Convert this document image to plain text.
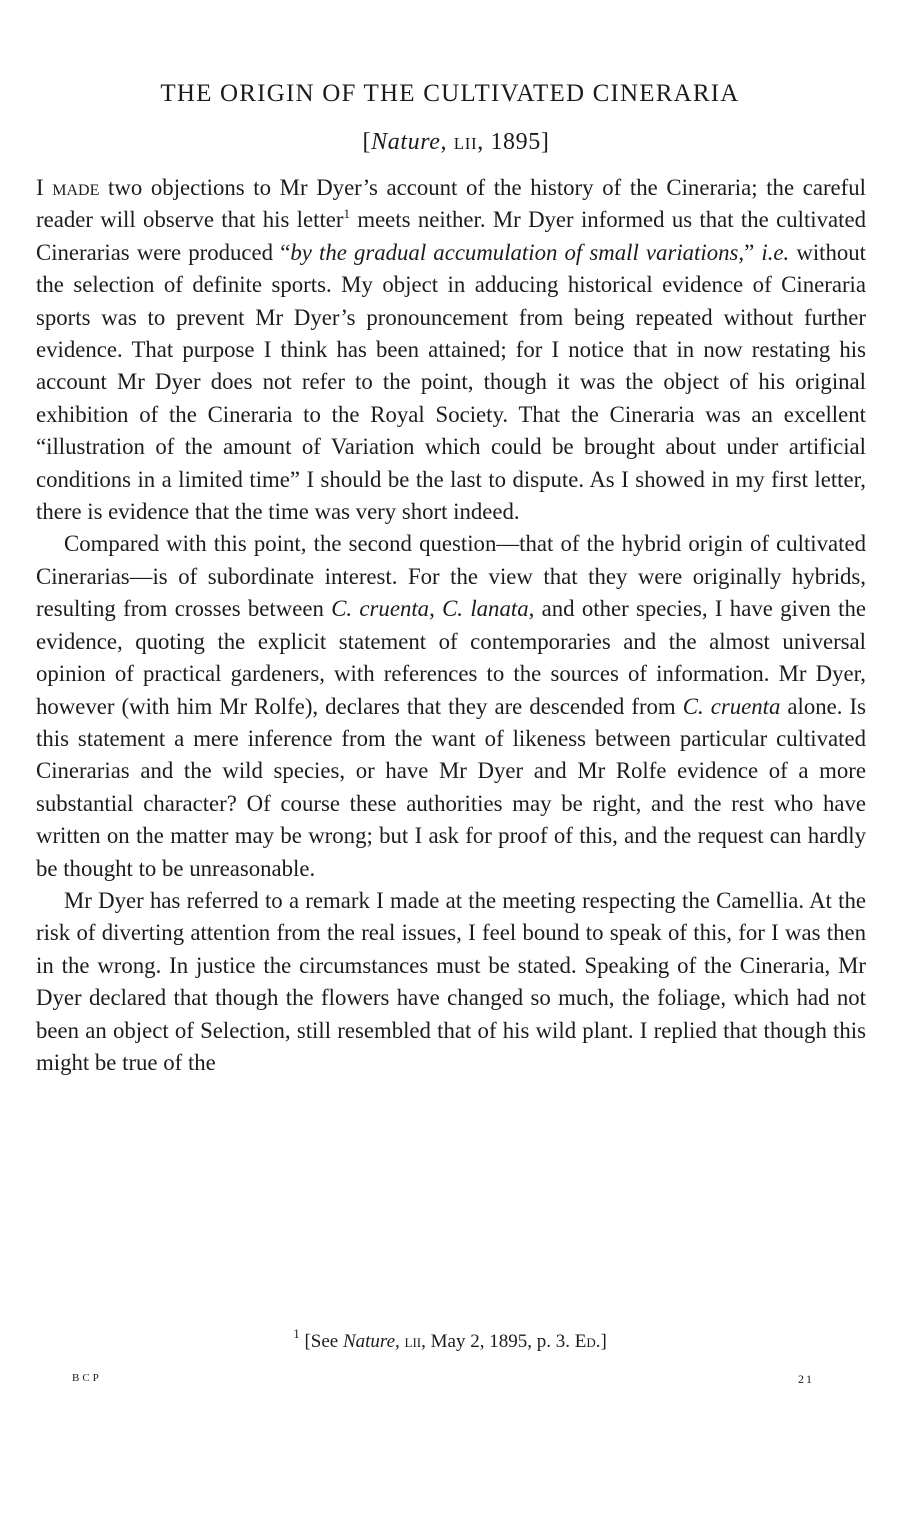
THE ORIGIN OF THE CULTIVATED CINERARIA
[Nature, lii, 1895]

I made two objections to Mr Dyer’s account of the history of the Cineraria; the careful reader will observe that his letter$^1$ meets neither. Mr Dyer informed us that the cultivated Cinerarias were produced “by the gradual accumulation of small variations,” i.e. without the selection of definite sports. My object in adducing historical evidence of Cineraria sports was to prevent Mr Dyer’s pronouncement from being repeated without further evidence. That purpose I think has been attained; for I notice that in now restating his account Mr Dyer does not refer to the point, though it was the object of his original exhibition of the Cineraria to the Royal Society. That the Cineraria was an excellent “illustration of the amount of Variation which could be brought about under artificial conditions in a limited time” I should be the last to dispute. As I showed in my first letter, there is evidence that the time was very short indeed.

Compared with this point, the second question—that of the hybrid origin of cultivated Cinerarias—is of subordinate interest. For the view that they were originally hybrids, resulting from crosses between C. cruenta, C. lanata, and other species, I have given the evidence, quoting the explicit statement of contemporaries and the almost universal opinion of practical gardeners, with references to the sources of information. Mr Dyer, however (with him Mr Rolfe), declares that they are descended from C. cruenta alone. Is this statement a mere inference from the want of likeness between particular cultivated Cinerarias and the wild species, or have Mr Dyer and Mr Rolfe evidence of a more substantial character? Of course these authorities may be right, and the rest who have written on the matter may be wrong; but I ask for proof of this, and the request can hardly be thought to be unreasonable.

Mr Dyer has referred to a remark I made at the meeting respecting the Camellia. At the risk of diverting attention from the real issues, I feel bound to speak of this, for I was then in the wrong. In justice the circumstances must be stated. Speaking of the Cineraria, Mr Dyer declared that though the flowers have changed so much, the foliage, which had not been an object of Selection, still resembled that of his wild plant. I replied that though this might be true of the

$^1$ [See Nature, lii, May 2, 1895, p. 3. Ed.]
BCP	21
